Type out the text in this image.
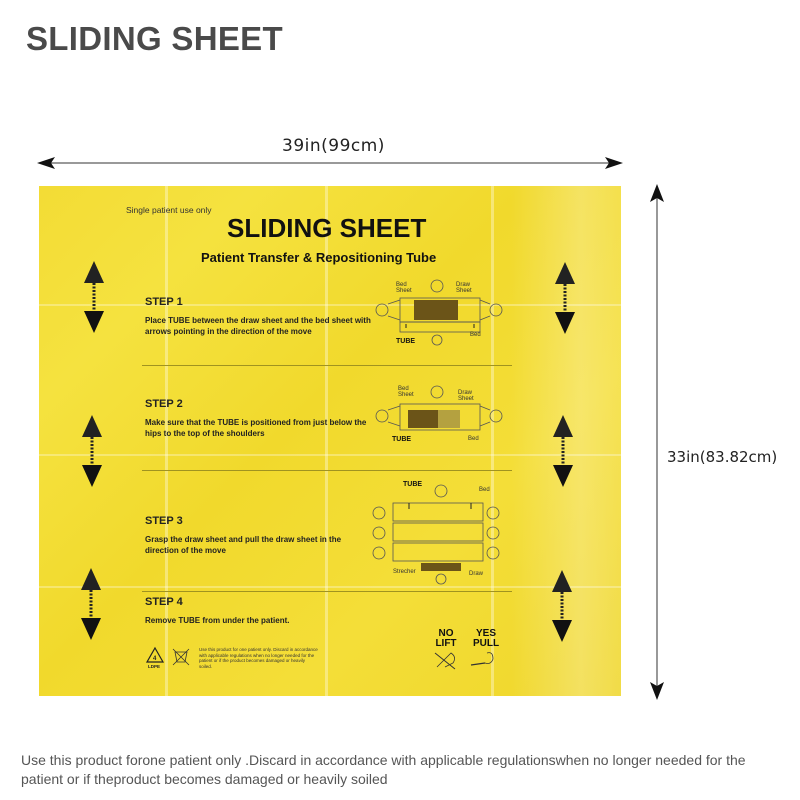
SLIDING SHEET
39in(99cm)
33in(83.82cm)
Single patient use only
SLIDING SHEET
Patient Transfer & Repositioning Tube
STEP 1
Place TUBE between the draw sheet and the bed sheet with arrows pointing in the direction of the move
STEP 2
Make sure that the TUBE is positioned from just below the hips to the top of the shoulders
STEP 3
Grasp the draw sheet and pull the draw sheet in the direction of the move
STEP 4
Remove TUBE from under the patient.
Bed Sheet
Draw Sheet
TUBE
Bed
Bed Sheet	Draw Sheet
TUBE	Bed
TUBE
Bed
Strecher	Draw
4
LDPE
Use this product for one patient only. Discard in accordance with applicable regulations when no longer needed for the patient or if the product becomes damaged or heavily soiled.
NO
LIFT
YES
PULL
Use this product forone patient only .Discard in accordance with applicable regulationswhen no longer needed for the patient or if theproduct becomes damaged or heavily soiled
